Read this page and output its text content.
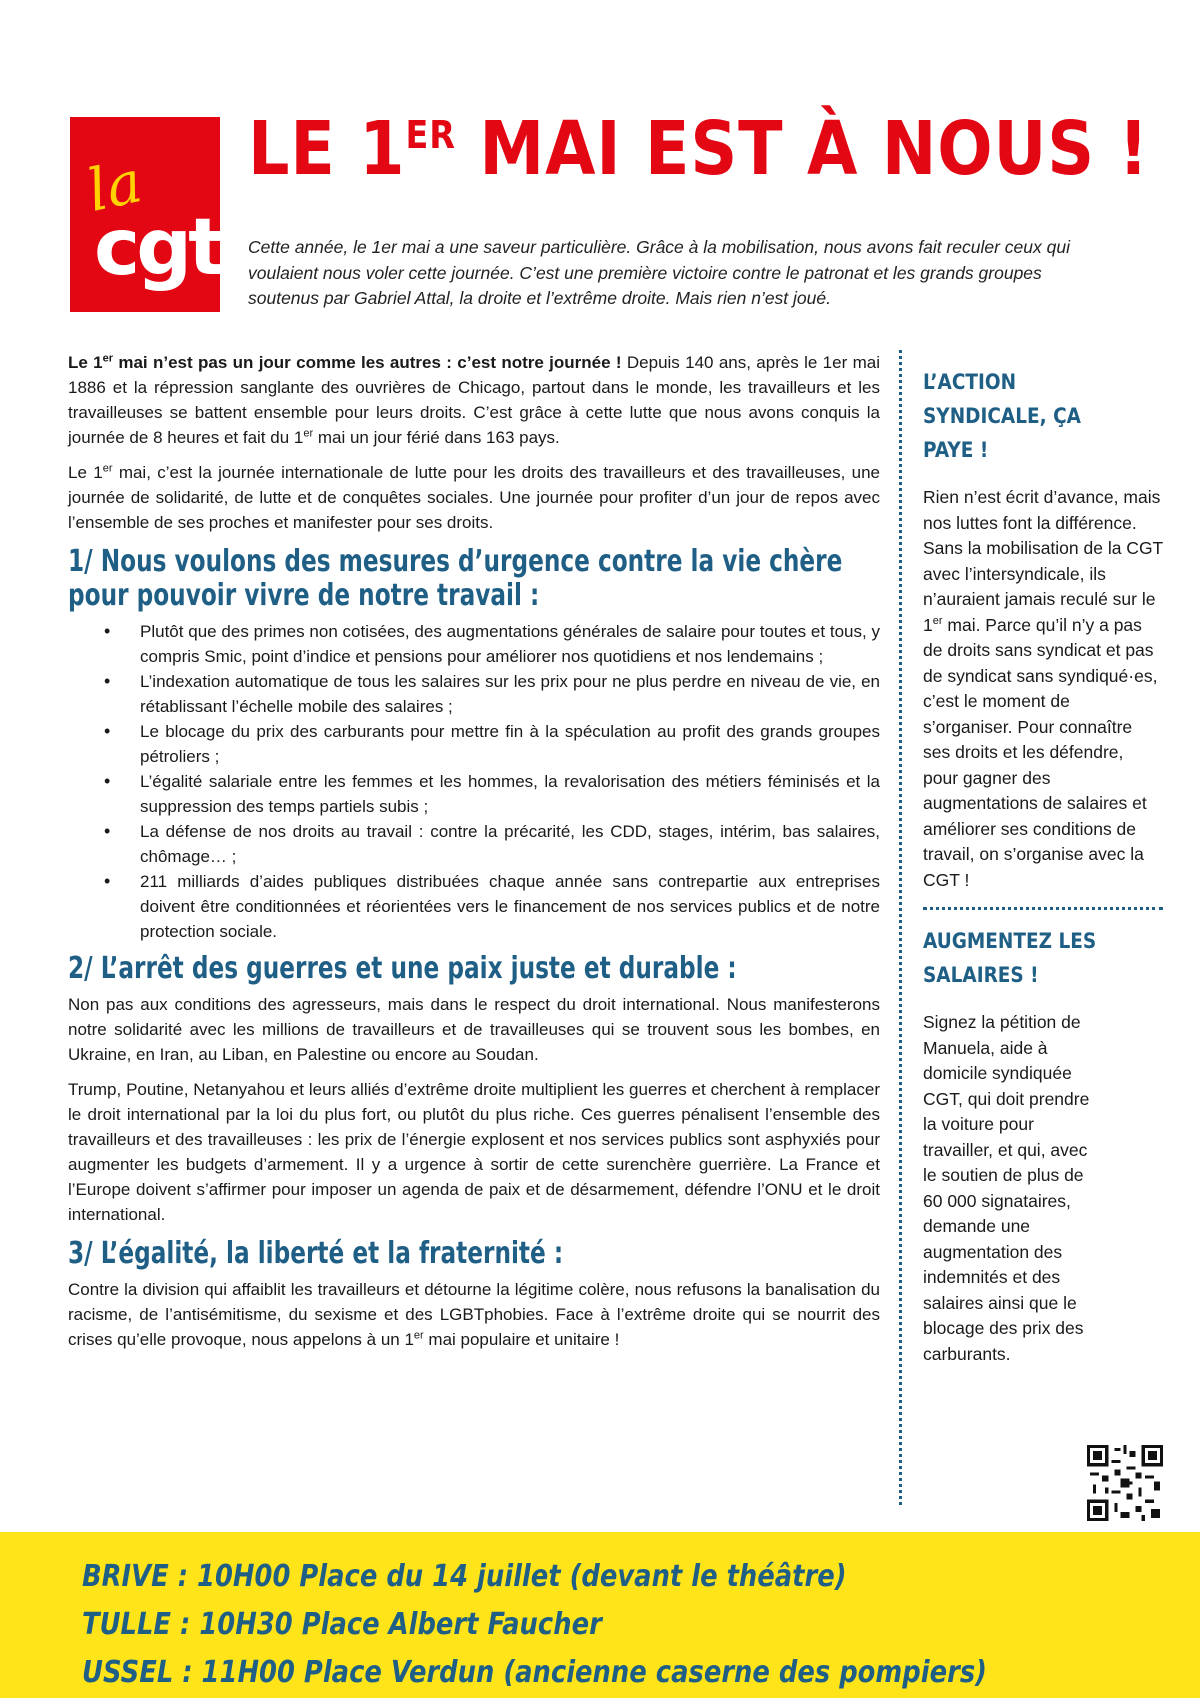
la
cgt
LE 1ER MAI EST À NOUS !
Cette année, le 1er mai a une saveur particulière. Grâce à la mobilisation, nous avons fait reculer ceux qui voulaient nous voler cette journée. C’est une première victoire contre le patronat et les grands groupes soutenus par Gabriel Attal, la droite et l’extrême droite. Mais rien n’est joué.

Le 1er mai n’est pas un jour comme les autres : c’est notre journée ! Depuis 140 ans, après le 1er mai 1886 et la répression sanglante des ouvrières de Chicago, partout dans le monde, les travailleurs et les travailleuses se battent ensemble pour leurs droits. C’est grâce à cette lutte que nous avons conquis la journée de 8 heures et fait du 1er mai un jour férié dans 163 pays.

Le 1er mai, c’est la journée internationale de lutte pour les droits des travailleurs et des travailleuses, une journée de solidarité, de lutte et de conquêtes sociales. Une journée pour profiter d’un jour de repos avec l’ensemble de ses proches et manifester pour ses droits.

1/ Nous voulons des mesures d’urgence contre la vie chère pour pouvoir vivre de notre travail :
• Plutôt que des primes non cotisées, des augmentations générales de salaire pour toutes et tous, y compris Smic, point d’indice et pensions pour améliorer nos quotidiens et nos lendemains ;
• L’indexation automatique de tous les salaires sur les prix pour ne plus perdre en niveau de vie, en rétablissant l’échelle mobile des salaires ;
• Le blocage du prix des carburants pour mettre fin à la spéculation au profit des grands groupes pétroliers ;
• L’égalité salariale entre les femmes et les hommes, la revalorisation des métiers féminisés et la suppression des temps partiels subis ;
• La défense de nos droits au travail : contre la précarité, les CDD, stages, intérim, bas salaires, chômage… ;
• 211 milliards d’aides publiques distribuées chaque année sans contrepartie aux entreprises doivent être conditionnées et réorientées vers le financement de nos services publics et de notre protection sociale.
2/ L’arrêt des guerres et une paix juste et durable :

Non pas aux conditions des agresseurs, mais dans le respect du droit international. Nous manifesterons notre solidarité avec les millions de travailleurs et de travailleuses qui se trouvent sous les bombes, en Ukraine, en Iran, au Liban, en Palestine ou encore au Soudan.

Trump, Poutine, Netanyahou et leurs alliés d’extrême droite multiplient les guerres et cherchent à remplacer le droit international par la loi du plus fort, ou plutôt du plus riche. Ces guerres pénalisent l’ensemble des travailleurs et des travailleuses : les prix de l’énergie explosent et nos services publics sont asphyxiés pour augmenter les budgets d’armement. Il y a urgence à sortir de cette surenchère guerrière. La France et l’Europe doivent s’affirmer pour imposer un agenda de paix et de désarmement, défendre l’ONU et le droit international.

3/ L’égalité, la liberté et la fraternité :

Contre la division qui affaiblit les travailleurs et détourne la légitime colère, nous refusons la banalisation du racisme, de l’antisémitisme, du sexisme et des LGBTphobies. Face à l’extrême droite qui se nourrit des crises qu’elle provoque, nous appelons à un 1er mai populaire et unitaire !

L’ACTION SYNDICALE, ÇA PAYE !

Rien n’est écrit d’avance, mais nos luttes font la différence. Sans la mobilisation de la CGT avec l’intersyndicale, ils n’auraient jamais reculé sur le 1er mai. Parce qu’il n’y a pas de droits sans syndicat et pas de syndicat sans syndiqué·es, c’est le moment de s’organiser. Pour connaître ses droits et les défendre, pour gagner des augmentations de salaires et améliorer ses conditions de travail, on s’organise avec la CGT !

AUGMENTEZ LES SALAIRES !

Signez la pétition de Manuela, aide à domicile syndiquée CGT, qui doit prendre la voiture pour travailler, et qui, avec le soutien de plus de 60 000 signataires, demande une augmentation des indemnités et des salaires ainsi que le blocage des prix des carburants.

BRIVE : 10H00 Place du 14 juillet (devant le théâtre)
TULLE : 10H30 Place Albert Faucher
USSEL : 11H00 Place Verdun (ancienne caserne des pompiers)
